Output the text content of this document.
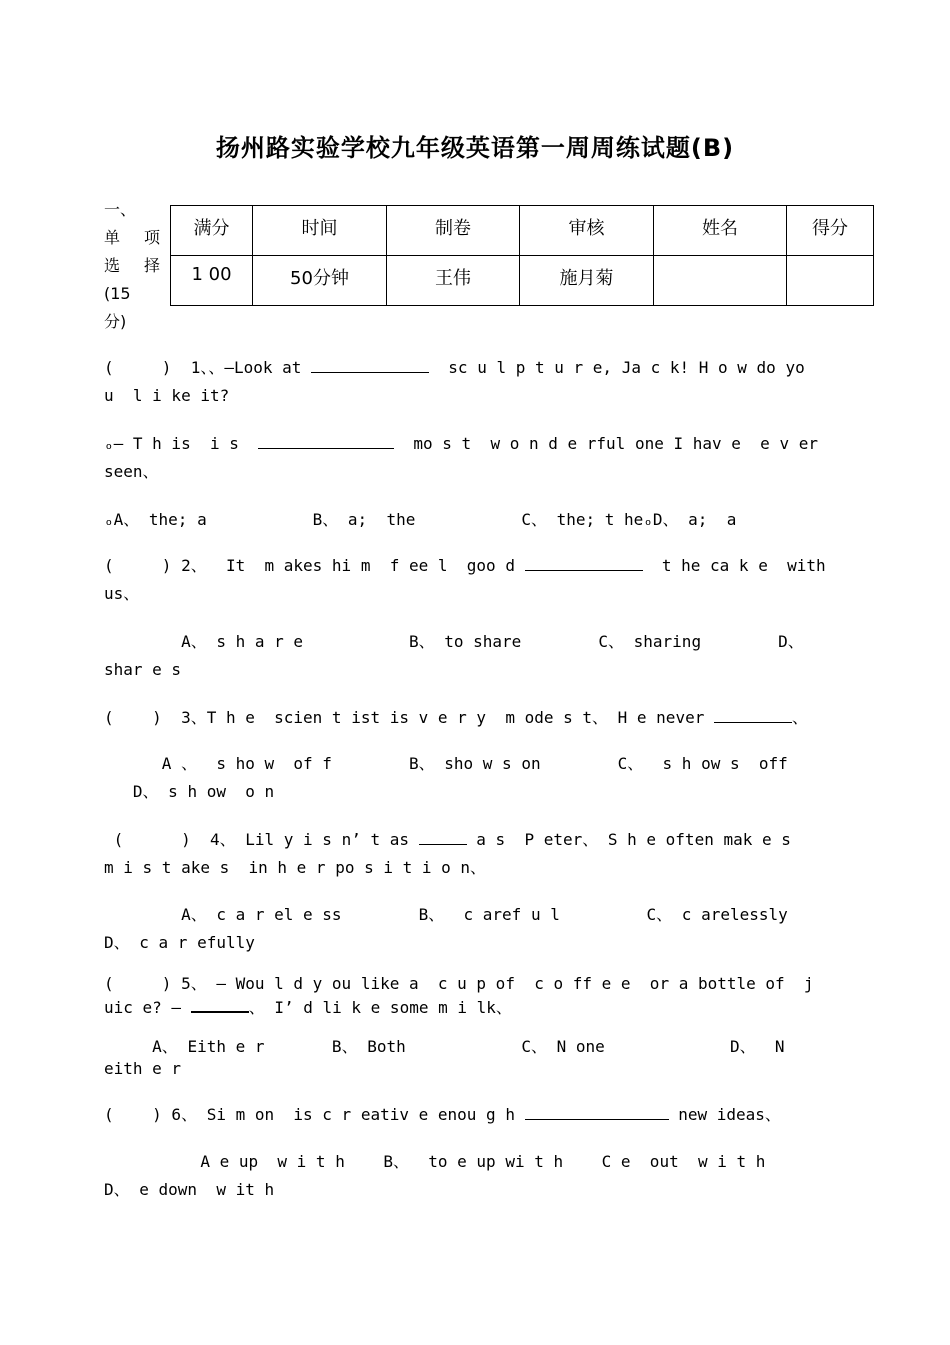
扬州路实验学校九年级英语第一周周练试题(B)
一、
单 项
选 择
(15
分)
满分	时间	制卷	审核	姓名	得分
1 00	50分钟	王伟	施月菊		
(     )  1、、—Look at	sc u l p t u r e, Ja c k! H o w do yo
u  l i ke it?
ₒ— T h is  i s	mo s t  w o n d e rful one I hav e  e v er
seen、
ₒA、 the; a           B、 a;  the           C、 the; t heₒD、 a;  a
(     ) 2、  It  m akes hi m  f ee l  goo d	t he ca k e  with
us、
A、 s h a r e           B、 to share        C、 sharing        D、
shar e s
(    )  3、T h e  scien t ist is v e r y  m ode s t、 H e never	、
A 、  s ho w  of f        B、 sho w s on        C、  s h ow s  off
D、 s h ow  o n
(      )  4、 Lil y i s n’ t as	a s  P eter、 S h e often mak e s
m i s t ake s  in h e r po s i t i o n、
A、 c a r el e ss        B、  c aref u l         C、 c arelessly
D、 c a r efully
(     ) 5、 — Wou l d y ou like a  c u p of  c o ff e e  or a bottle of  j
uic e? —	、 I’ d li k e some m i lk、
A、 Eith e r       B、 Both            C、 N one             D、  N
eith e r
(    ) 6、 Si m on  is c r eativ e enou g h	new ideas、
A e up  w i t h    B、  to e up wi t h    C e  out  w i t h
D、 e down  w it h
